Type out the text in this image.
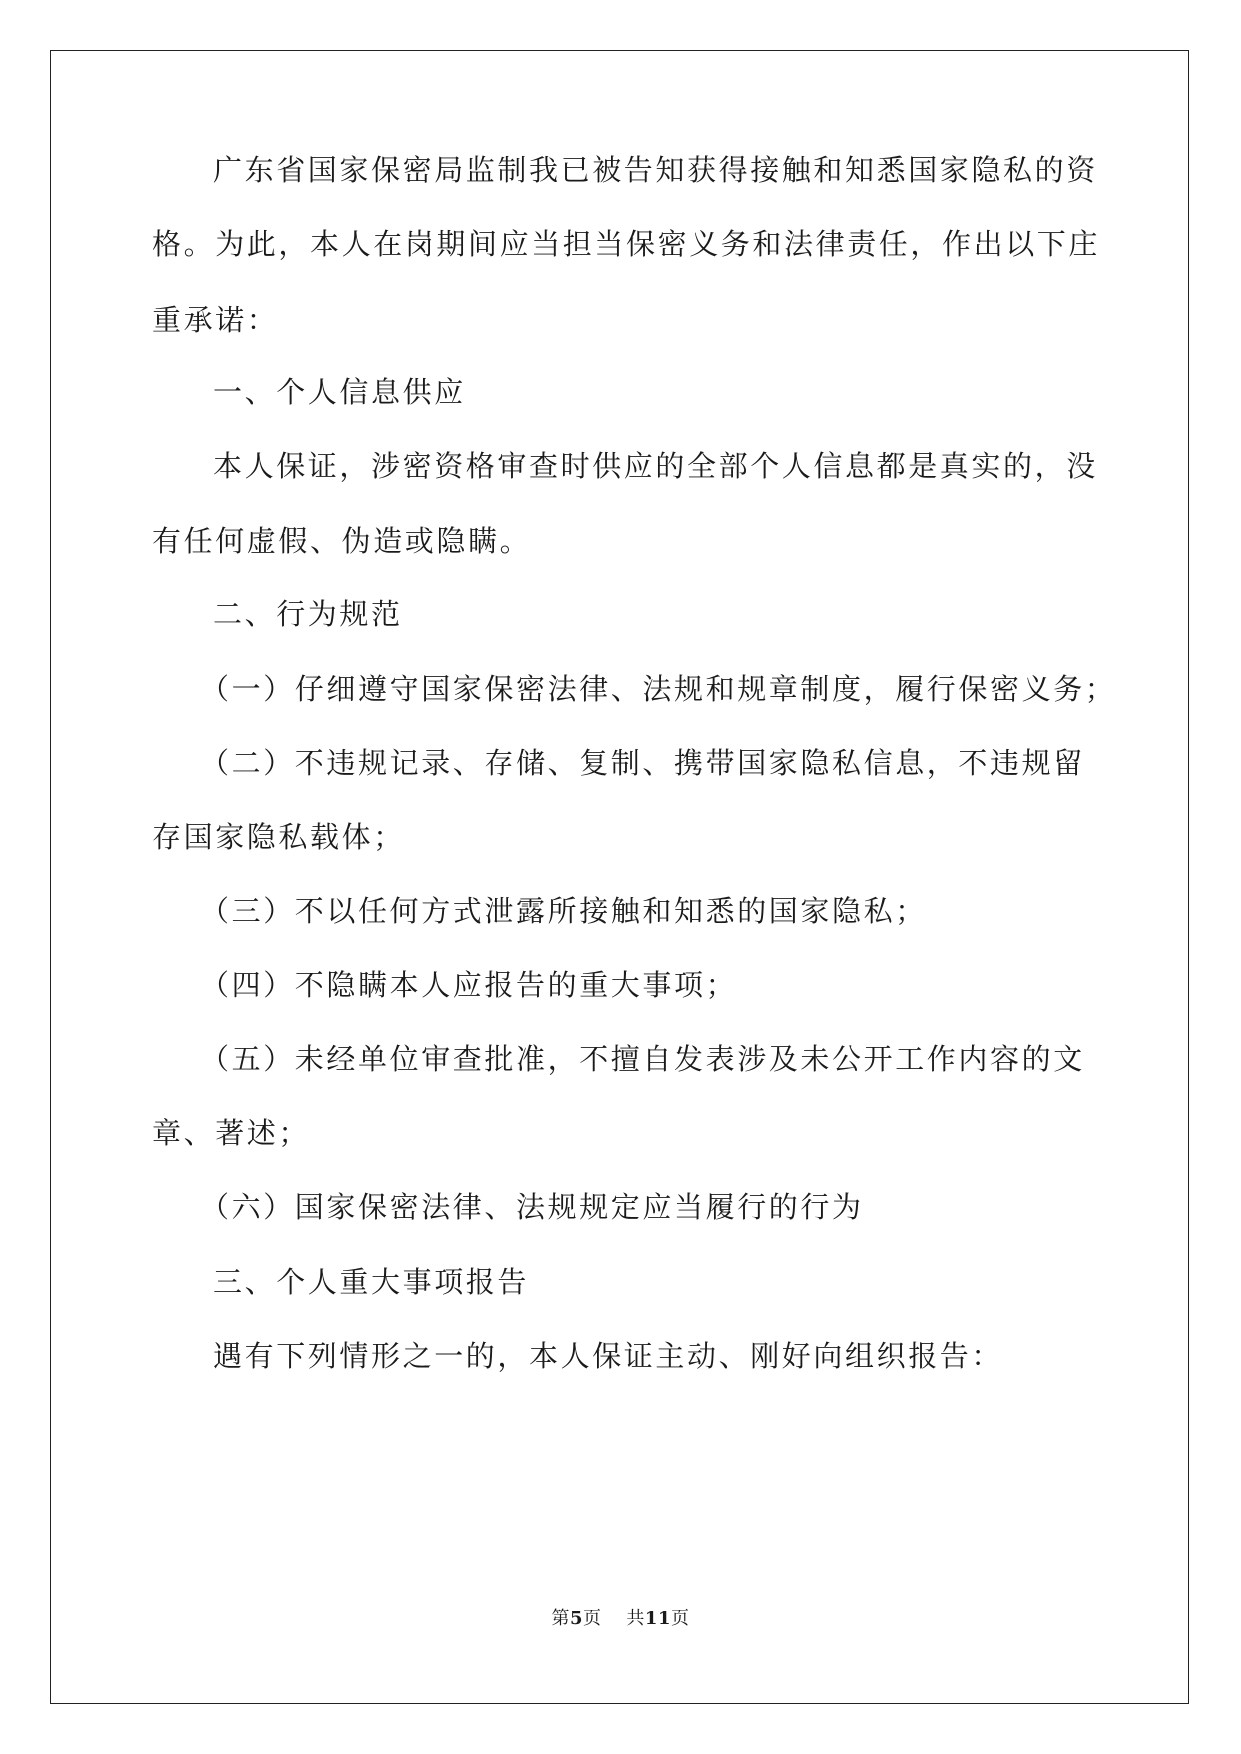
广东省国家保密局监制我已被告知获得接触和知悉国家隐私的资
格。为此，本人在岗期间应当担当保密义务和法律责任，作出以下庄
重承诺：
一、个人信息供应
本人保证，涉密资格审查时供应的全部个人信息都是真实的，没
有任何虚假、伪造或隐瞒。
二、行为规范
（一）仔细遵守国家保密法律、法规和规章制度，履行保密义务；
（二）不违规记录、存储、复制、携带国家隐私信息，不违规留
存国家隐私载体；
（三）不以任何方式泄露所接触和知悉的国家隐私；
（四）不隐瞒本人应报告的重大事项；
（五）未经单位审查批准，不擅自发表涉及未公开工作内容的文
章、著述；
（六）国家保密法律、法规规定应当履行的行为
三、个人重大事项报告
遇有下列情形之一的，本人保证主动、刚好向组织报告：
第5页 共11页
